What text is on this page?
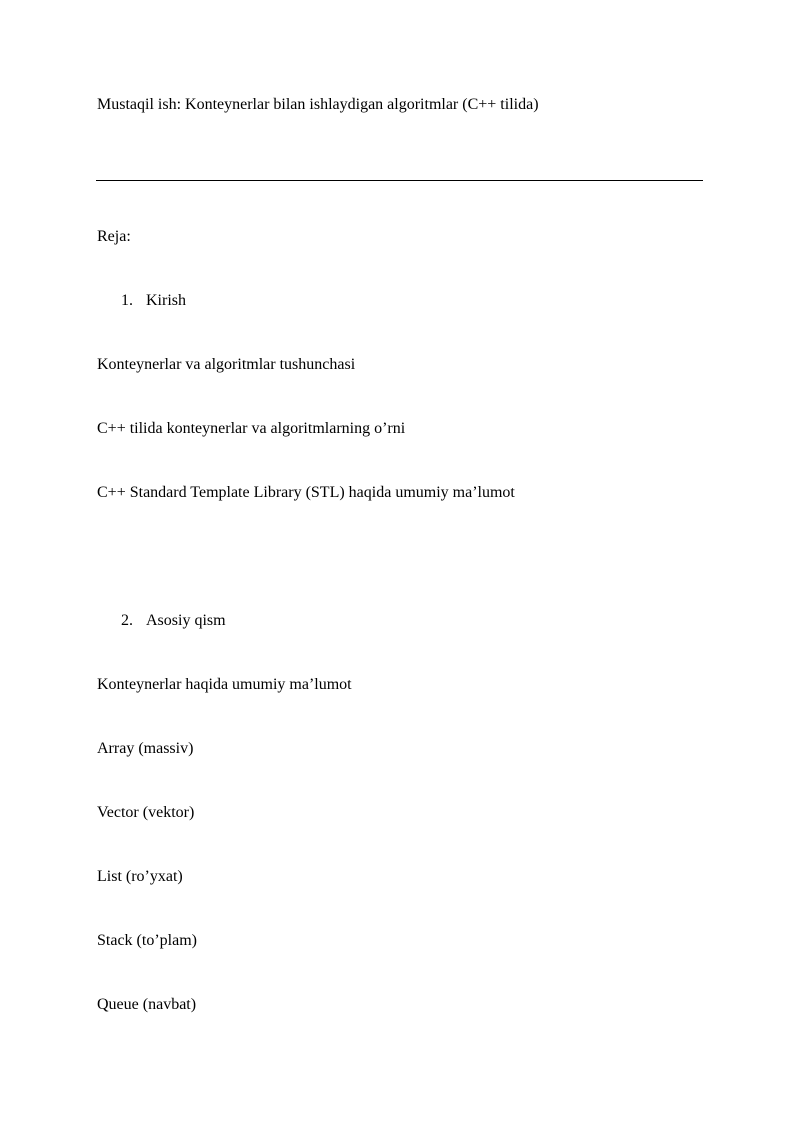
Mustaqil ish: Konteynerlar bilan ishlaydigan algoritmlar (C++ tilida)
Reja:
1. Kirish
Konteynerlar va algoritmlar tushunchasi
C++ tilida konteynerlar va algoritmlarning o’rni
C++ Standard Template Library (STL) haqida umumiy ma’lumot
2. Asosiy qism
Konteynerlar haqida umumiy ma’lumot
Array (massiv)
Vector (vektor)
List (ro’yxat)
Stack (to’plam)
Queue (navbat)
